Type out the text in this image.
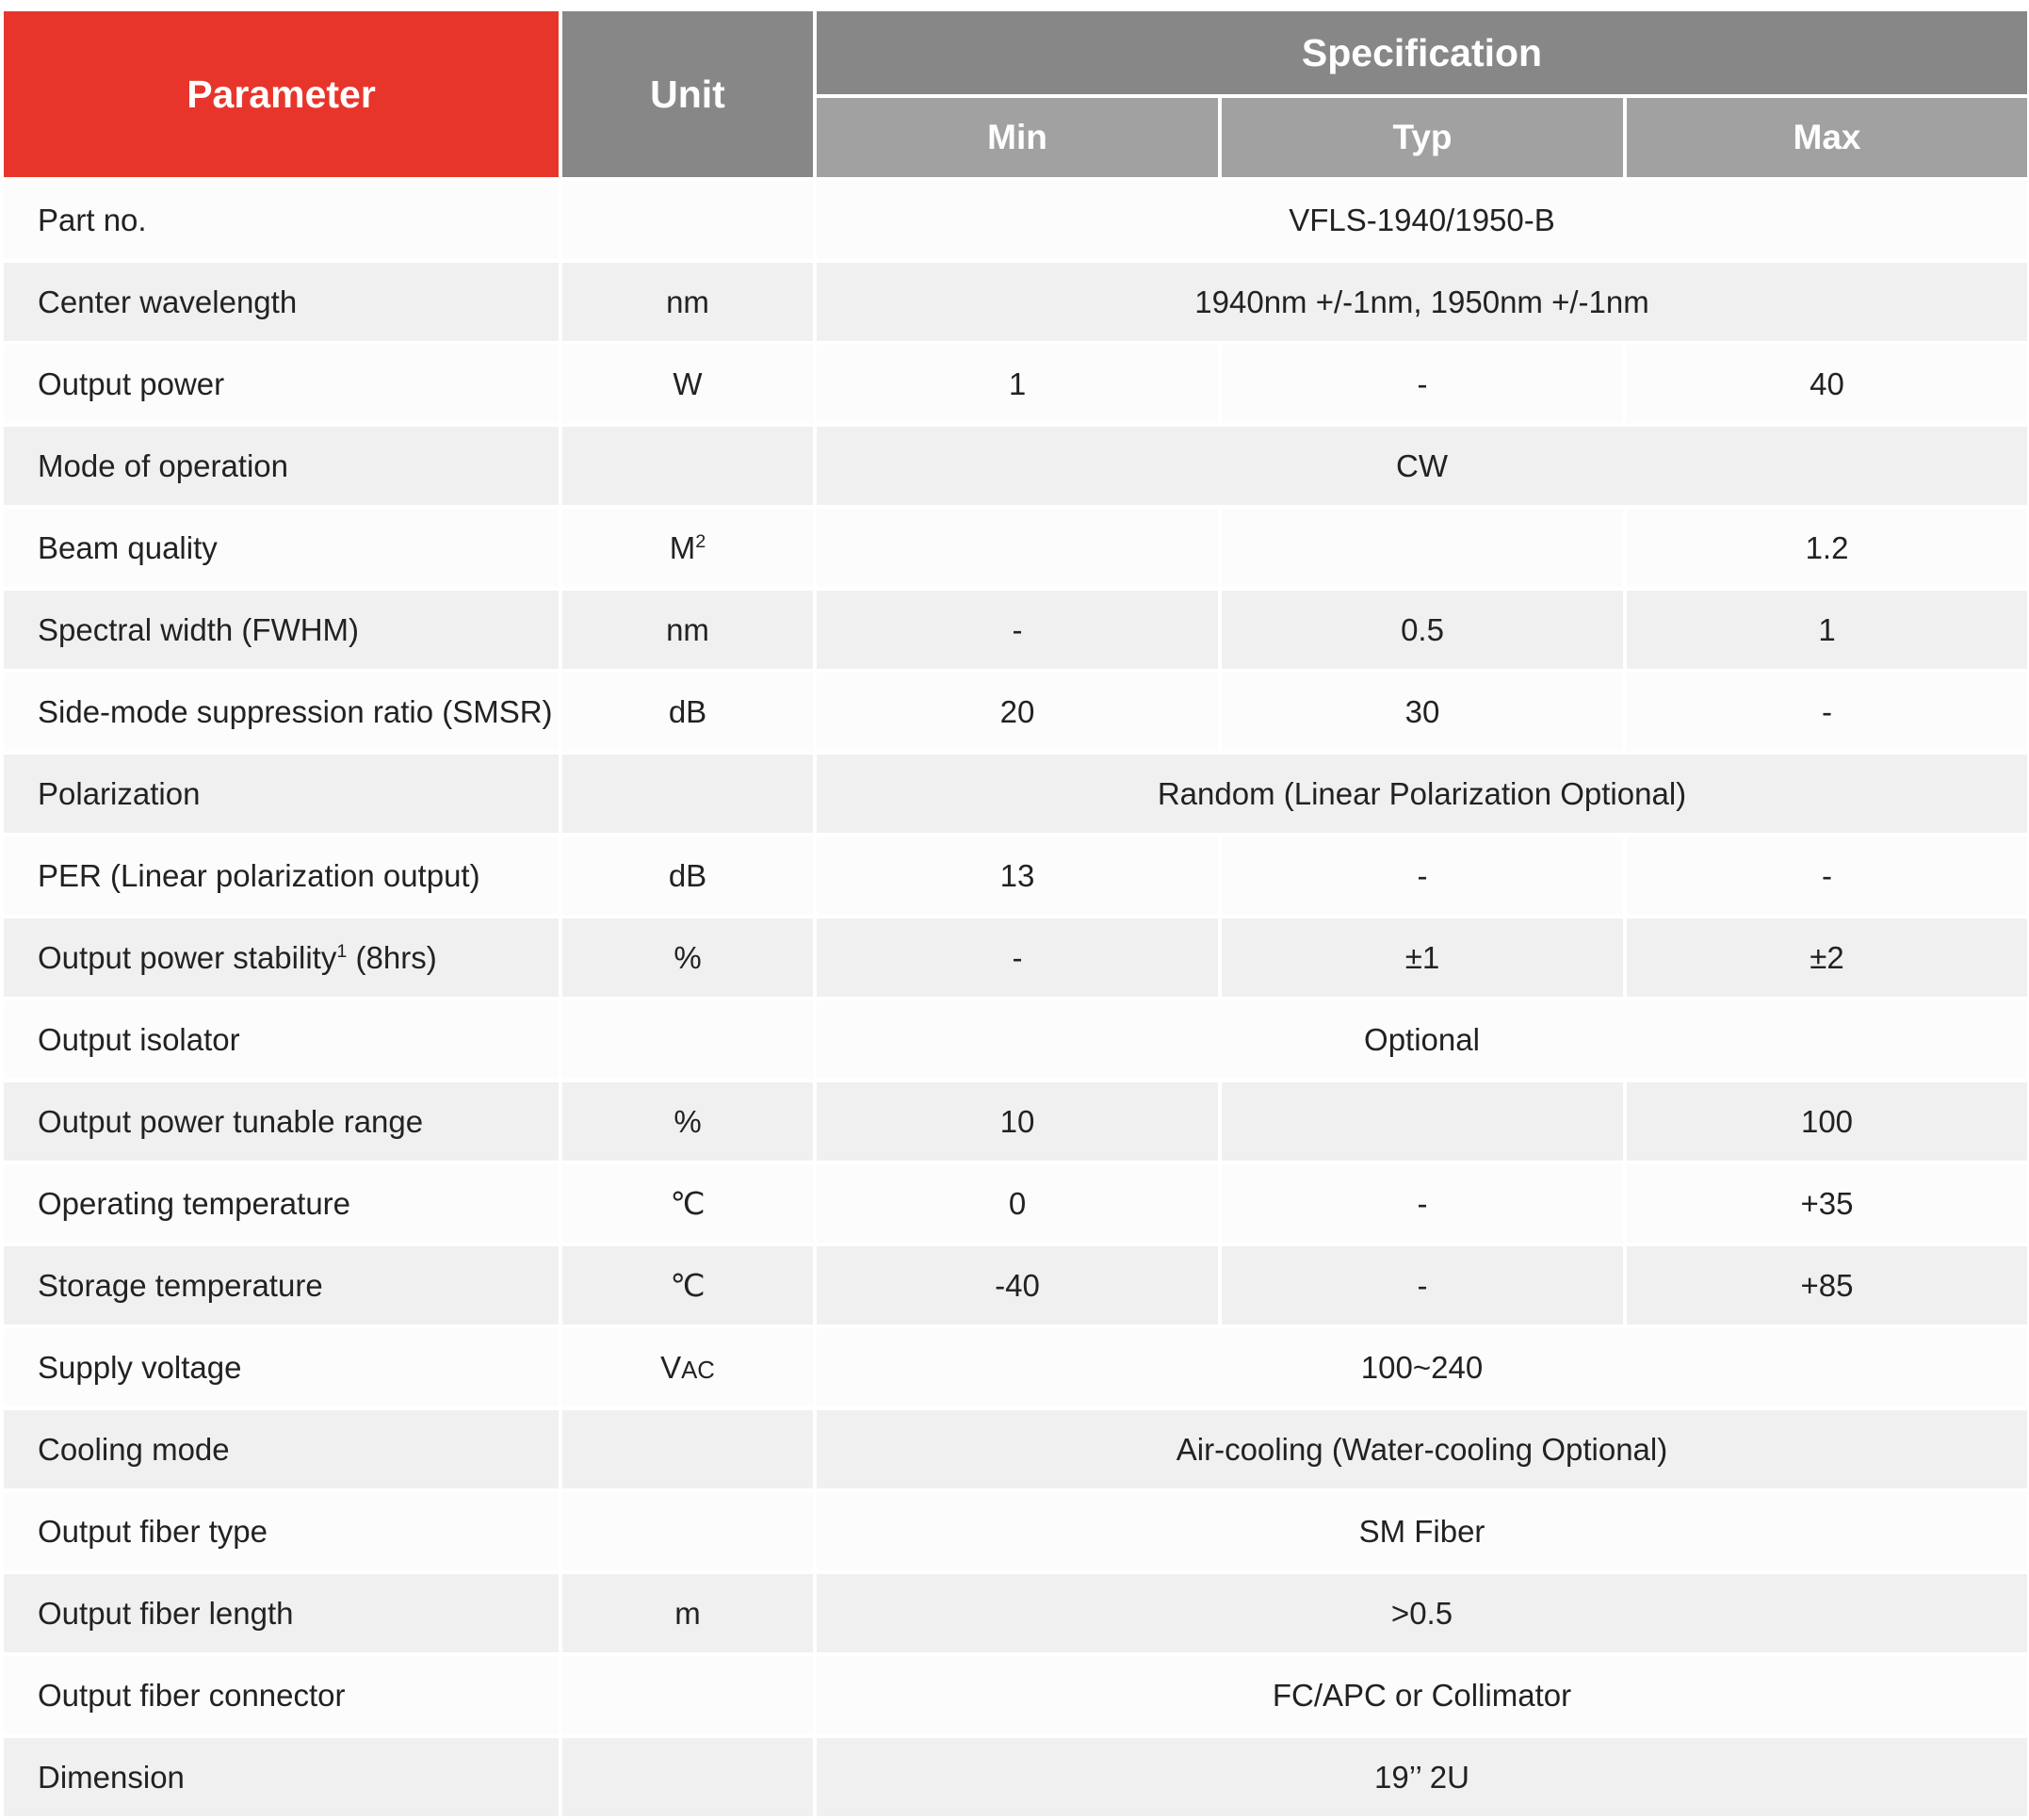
Parameter	Unit	Specification		
		Min	Typ	Max
Part no.		VFLS-1940/1950-B		
Center wavelength	nm	1940nm +/-1nm, 1950nm +/-1nm		
Output power	W	1	-	40
Mode of operation		CW		
Beam quality	$M^2$			1.2
Spectral width (FWHM)	nm	-	0.5	1
Side-mode suppression ratio (SMSR)	dB	20	30	-
Polarization		Random (Linear Polarization Optional)		
PER (Linear polarization output)	dB	13	-	-
Output power stability$^1$ (8hrs)	%	-	±1	±2
Output isolator		Optional		
Output power tunable range	%	10		100
Operating temperature	℃	0	-	+35
Storage temperature	℃	-40	-	+85
Supply voltage	VAC	100~240		
Cooling mode		Air-cooling (Water-cooling Optional)		
Output fiber type		SM Fiber		
Output fiber length	m	>0.5		
Output fiber connector		FC/APC or Collimator		
Dimension		19’’ 2U		
